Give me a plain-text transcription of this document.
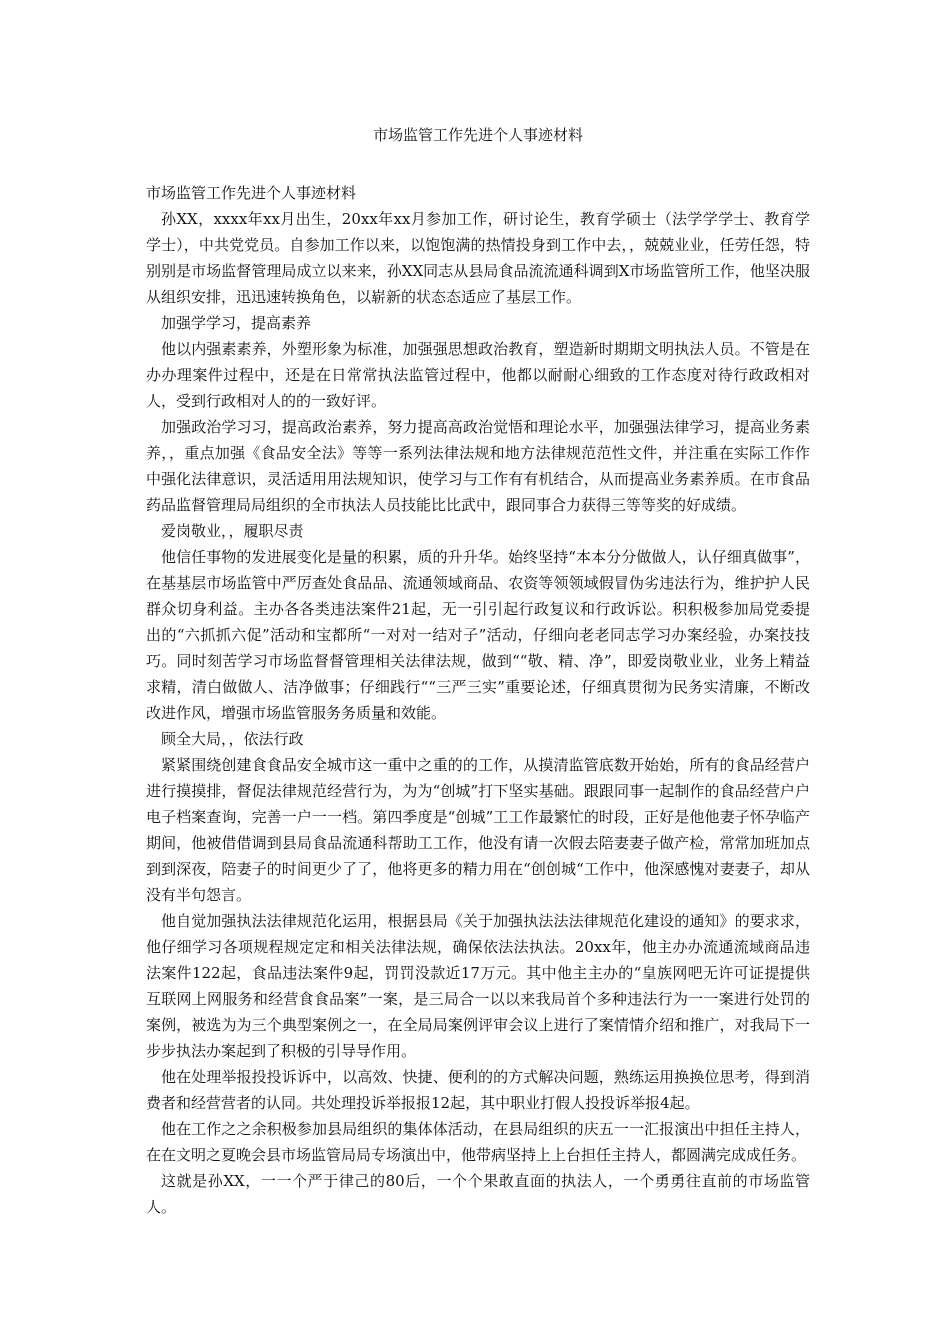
市场监管工作先进个人事迹材料

市场监管工作先进个人事迹材料

孙XX，xxxx年xx月出生，20xx年xx月参加工作，研讨论生，教育学硕士（法学学学士、教育学学士），中共党党员。自参加工作以来，以饱饱满的热情投身到工作中去，，兢兢业业，任劳任怨，特别别是市场监督管理局成立以来来，孙XX同志从县局食品流流通科调到X市场监管所工作，他坚决服从组织安排，迅迅速转换角色，以崭新的状态态适应了基层工作。

加强学学习，提高素养

他以内强素素养，外塑形象为标准，加强强思想政治教育，塑造新时期期文明执法人员。不管是在办办理案件过程中，还是在日常常执法监管过程中，他都以耐耐心细致的工作态度对待行政政相对人，受到行政相对人的的一致好评。

加强政治学习习，提高政治素养，努力提高高政治觉悟和理论水平，加强强法律学习，提高业务素养，，重点加强《食品安全法》等等一系列法律法规和地方法律规范范性文件，并注重在实际工作作中强化法律意识，灵活适用用法规知识，使学习与工作有有机结合，从而提高业务素养质。在市食品药品监督管理局局组织的全市执法人员技能比比武中，跟同事合力获得三等等奖的好成绩。

爱岗敬业，，履职尽责

他信任事物的发进展变化是量的积累，质的升升华。始终坚持“本本分分做做人，认仔细真做事”，在基基层市场监管中严厉查处食品品、流通领域商品、农资等领领域假冒伪劣违法行为，维护护人民群众切身利益。主办各各类违法案件21起，无一引引起行政复议和行政诉讼。积积极参加局党委提出的“六抓抓六促”活动和宝都所“一对对一结对子”活动，仔细向老老同志学习办案经验，办案技技巧。同时刻苦学习市场监督督管理相关法律法规，做到““敬、精、净”，即爱岗敬业业，业务上精益求精，清白做做人、洁净做事；仔细践行““三严三实”重要论述，仔细真贯彻为民务实清廉，不断改改进作风，增强市场监管服务务质量和效能。

顾全大局，，依法行政

紧紧围绕创建食食品安全城市这一重中之重的的工作，从摸清监管底数开始始，所有的食品经营户进行摸摸排，督促法律规范经营行为，为为“创城”打下坚实基础。跟跟同事一起制作的食品经营户户电子档案查询，完善一户一一档。第四季度是“创城”工工作最繁忙的时段，正好是他他妻子怀孕临产期间，他被借借调到县局食品流通科帮助工工作，他没有请一次假去陪妻妻子做产检，常常加班加点到到深夜，陪妻子的时间更少了了，他将更多的精力用在“创创城“工作中，他深感愧对妻妻子，却从没有半句怨言。

他自觉加强执法法律规范化运用，根据县局《关于加强执法法法律规范化建设的通知》的要求求，他仔细学习各项规程规定定和相关法律法规，确保依法法执法。20xx年，他主办办流通流域商品违法案件122起，食品违法案件9起，罚罚没款近17万元。其中他主主办的“皇族网吧无许可证提提供互联网上网服务和经营食食品案”一案，是三局合一以以来我局首个多种违法行为一一案进行处罚的案例，被选为为三个典型案例之一，在全局局案例评审会议上进行了案情情介绍和推广，对我局下一步步执法办案起到了积极的引导导作用。

他在处理举报投投诉诉中，以高效、快捷、便利的的方式解决问题，熟练运用换换位思考，得到消费者和经营营者的认同。共处理投诉举报报12起，其中职业打假人投投诉举报4起。

他在工作之之余积极参加县局组织的集体体活动，在县局组织的庆五一一汇报演出中担任主持人，在在文明之夏晚会县市场监管局局专场演出中，他带病坚持上上台担任主持人，都圆满完成成任务。

这就是孙XX，一一个严于律己的80后，一个个果敢直面的执法人，一个勇勇往直前的市场监管人。
